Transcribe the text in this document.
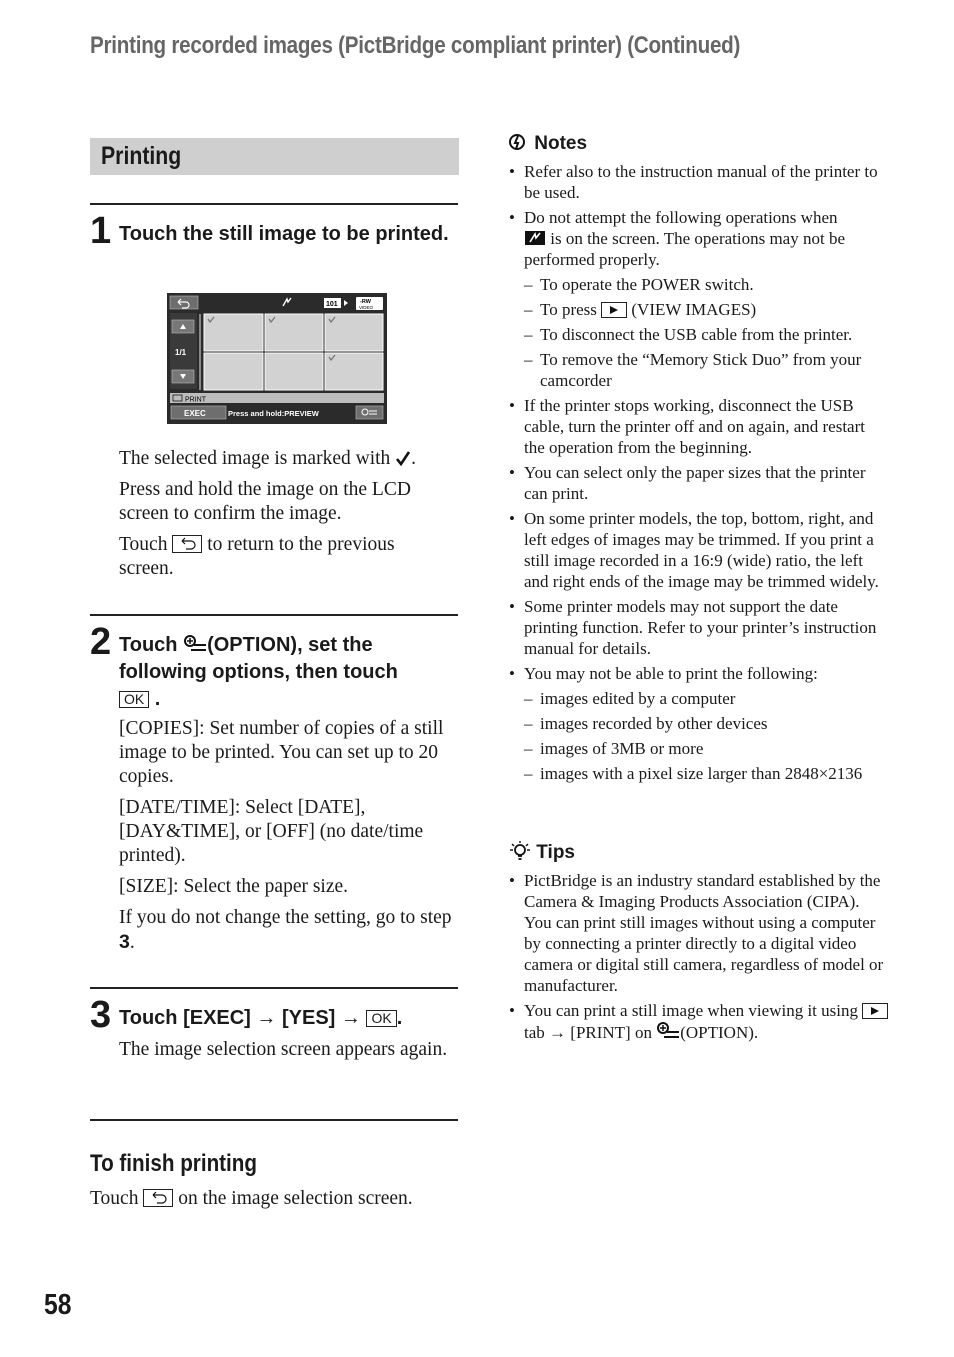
Printing recorded images (PictBridge compliant printer) (Continued)
Printing
1 Touch the still image to be printed.
101	-RW
VIDEO
1/1
PRINT
EXEC	Press and hold:PREVIEW

The selected image is marked with .

Press and hold the image on the LCD screen to confirm the image.

Touch to return to the previous screen.

2 Touch (OPTION), set the
following options, then touch
OK .

[COPIES]: Set number of copies of a still image to be printed. You can set up to 20 copies.

[DATE/TIME]: Select [DATE], [DAY&TIME], or [OFF] (no date/time printed).

[SIZE]: Select the paper size.

If you do not change the setting, go to step 3.

3 Touch [EXEC] → [YES] → OK .
The image selection screen appears again.
To finish printing
Touch on the image selection screen.
Notes
• Refer also to the instruction manual of the printer to be used.
• Do not attempt the following operations when
is on the screen. The operations may not be performed properly.
– To operate the POWER switch.
– To press (VIEW IMAGES)
– To disconnect the USB cable from the printer.
– To remove the “Memory Stick Duo” from your camcorder
• If the printer stops working, disconnect the USB cable, turn the printer off and on again, and restart the operation from the beginning.
• You can select only the paper sizes that the printer can print.
• On some printer models, the top, bottom, right, and left edges of images may be trimmed. If you print a still image recorded in a 16:9 (wide) ratio, the left and right ends of the image may be trimmed widely.
• Some printer models may not support the date printing function. Refer to your printer’s instruction manual for details.
• You may not be able to print the following:
– images edited by a computer
– images recorded by other devices
– images of 3MB or more
– images with a pixel size larger than 2848×2136
Tips
• PictBridge is an industry standard established by the Camera & Imaging Products Association (CIPA). You can print still images without using a computer by connecting a printer directly to a digital video camera or digital still camera, regardless of model or manufacturer.
• You can print a still image when viewing it using
tab → [PRINT] on (OPTION).
58
